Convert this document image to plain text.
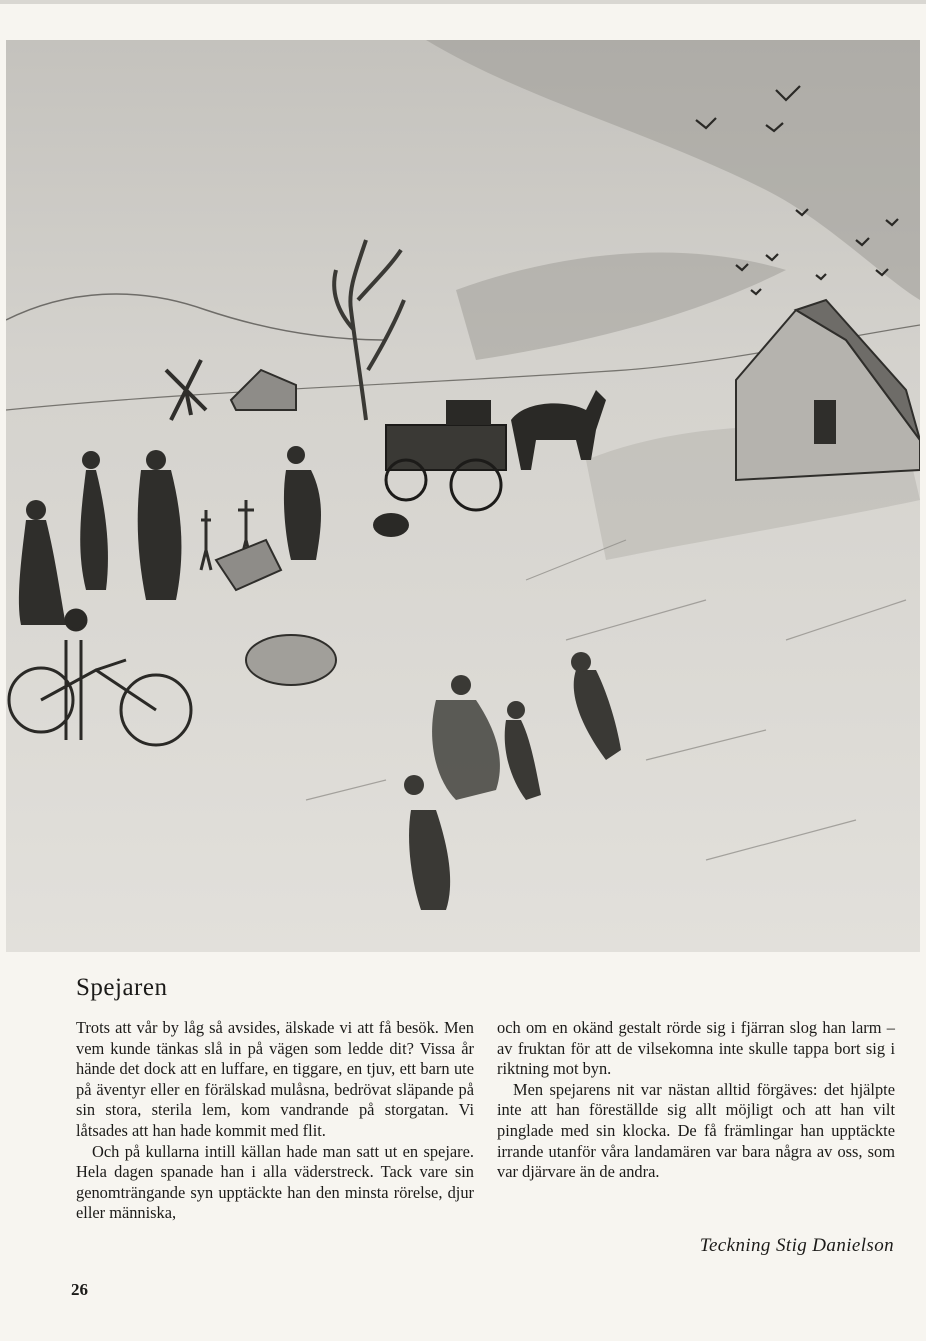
Spejaren

Trots att vår by låg så avsides, älskade vi att få besök. Men vem kunde tänkas slå in på vägen som ledde dit? Vissa år hände det dock att en luffare, en tiggare, en tjuv, ett barn ute på äventyr eller en förälskad mulåsna, bedrövat släpande på sin stora, sterila lem, kom vandrande på storgatan. Vi låtsades att han hade kommit med flit.

Och på kullarna intill källan hade man satt ut en spejare. Hela dagen spanade han i alla väderstreck. Tack vare sin genomträngande syn upptäckte han den minsta rörelse, djur eller människa,

och om en okänd gestalt rörde sig i fjärran slog han larm – av fruktan för att de vilsekomna inte skulle tappa bort sig i riktning mot byn.

Men spejarens nit var nästan alltid förgäves: det hjälpte inte att han föreställde sig allt möjligt och att han vilt pinglade med sin klocka. De få främlingar han upptäckte irrande utanför våra landamären var bara några av oss, som var djärvare än de andra.

Teckning Stig Danielson
26
